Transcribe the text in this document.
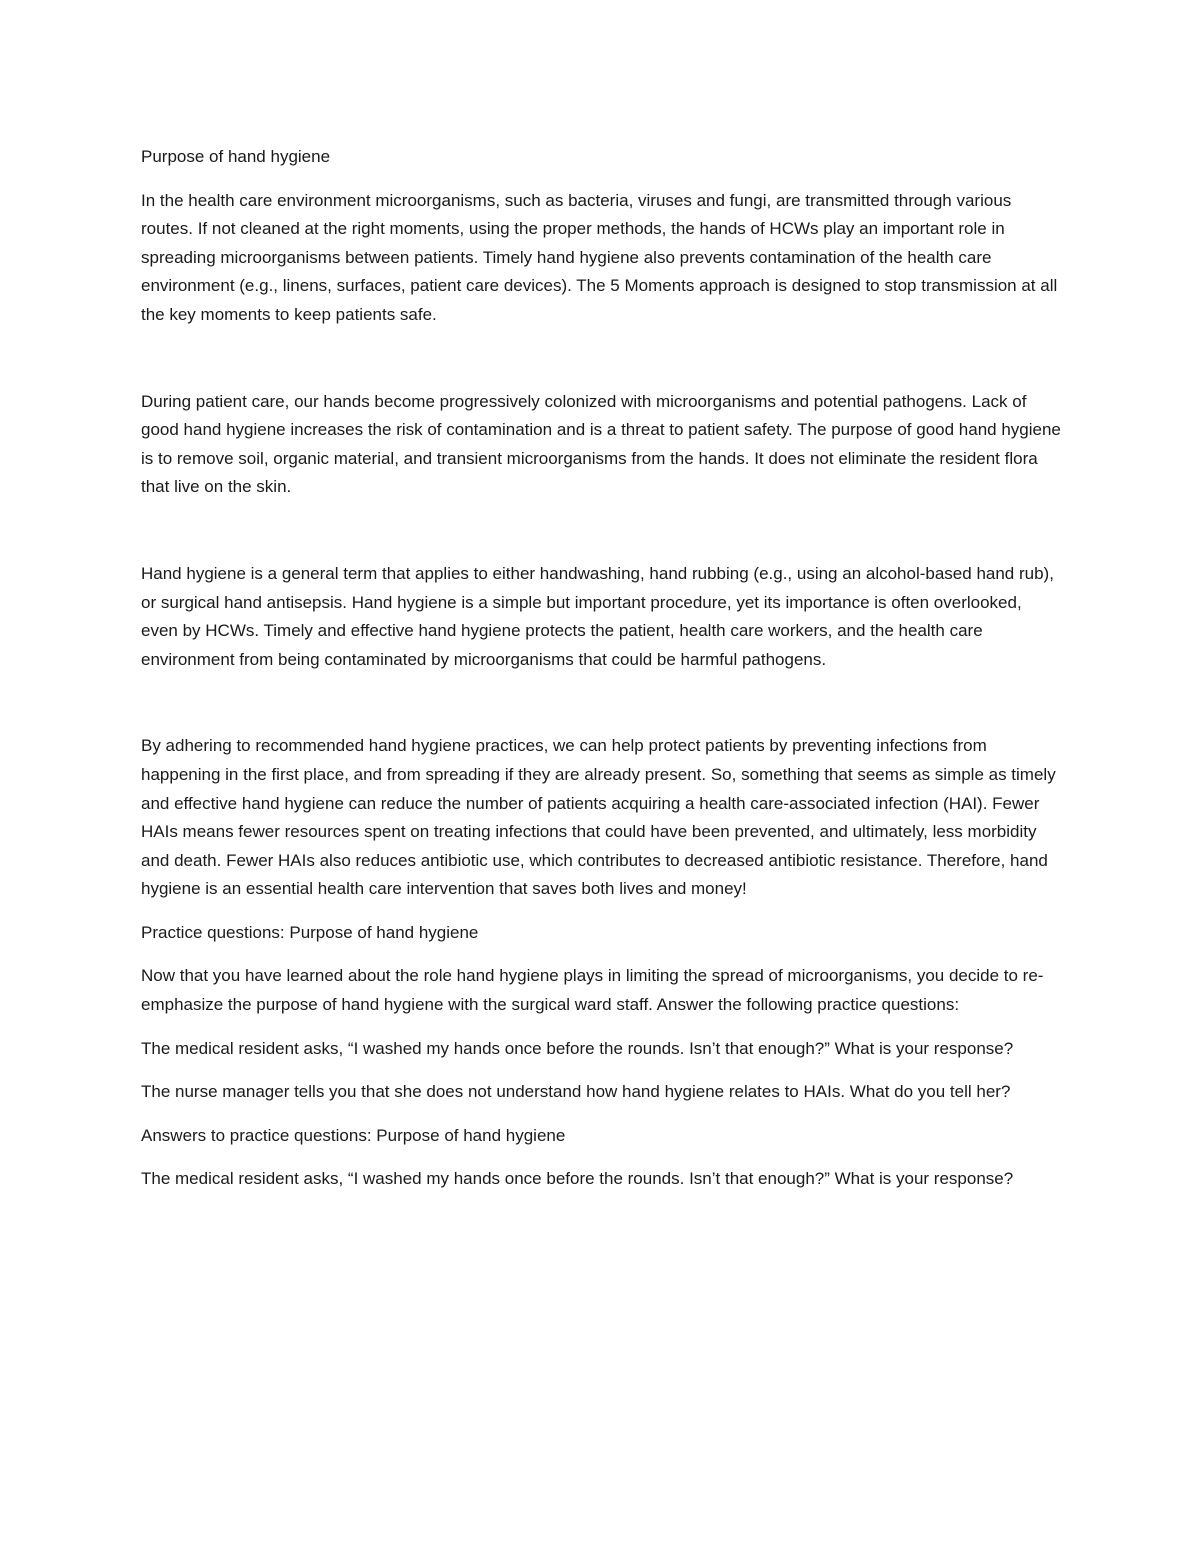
Purpose of hand hygiene

In the health care environment microorganisms, such as bacteria, viruses and fungi, are transmitted through various routes. If not cleaned at the right moments, using the proper methods, the hands of HCWs play an important role in spreading microorganisms between patients. Timely hand hygiene also prevents contamination of the health care environment (e.g., linens, surfaces, patient care devices). The 5 Moments approach is designed to stop transmission at all the key moments to keep patients safe.

During patient care, our hands become progressively colonized with microorganisms and potential pathogens. Lack of good hand hygiene increases the risk of contamination and is a threat to patient safety. The purpose of good hand hygiene is to remove soil, organic material, and transient microorganisms from the hands. It does not eliminate the resident flora that live on the skin.

Hand hygiene is a general term that applies to either handwashing, hand rubbing (e.g., using an alcohol-based hand rub), or surgical hand antisepsis. Hand hygiene is a simple but important procedure, yet its importance is often overlooked, even by HCWs. Timely and effective hand hygiene protects the patient, health care workers, and the health care environment from being contaminated by microorganisms that could be harmful pathogens.

By adhering to recommended hand hygiene practices, we can help protect patients by preventing infections from happening in the first place, and from spreading if they are already present. So, something that seems as simple as timely and effective hand hygiene can reduce the number of patients acquiring a health care-associated infection (HAI). Fewer HAIs means fewer resources spent on treating infections that could have been prevented, and ultimately, less morbidity and death. Fewer HAIs also reduces antibiotic use, which contributes to decreased antibiotic resistance. Therefore, hand hygiene is an essential health care intervention that saves both lives and money!

Practice questions: Purpose of hand hygiene

Now that you have learned about the role hand hygiene plays in limiting the spread of microorganisms, you decide to re-emphasize the purpose of hand hygiene with the surgical ward staff. Answer the following practice questions:

The medical resident asks, “I washed my hands once before the rounds. Isn’t that enough?” What is your response?

The nurse manager tells you that she does not understand how hand hygiene relates to HAIs. What do you tell her?

Answers to practice questions: Purpose of hand hygiene

The medical resident asks, “I washed my hands once before the rounds. Isn’t that enough?” What is your response?
